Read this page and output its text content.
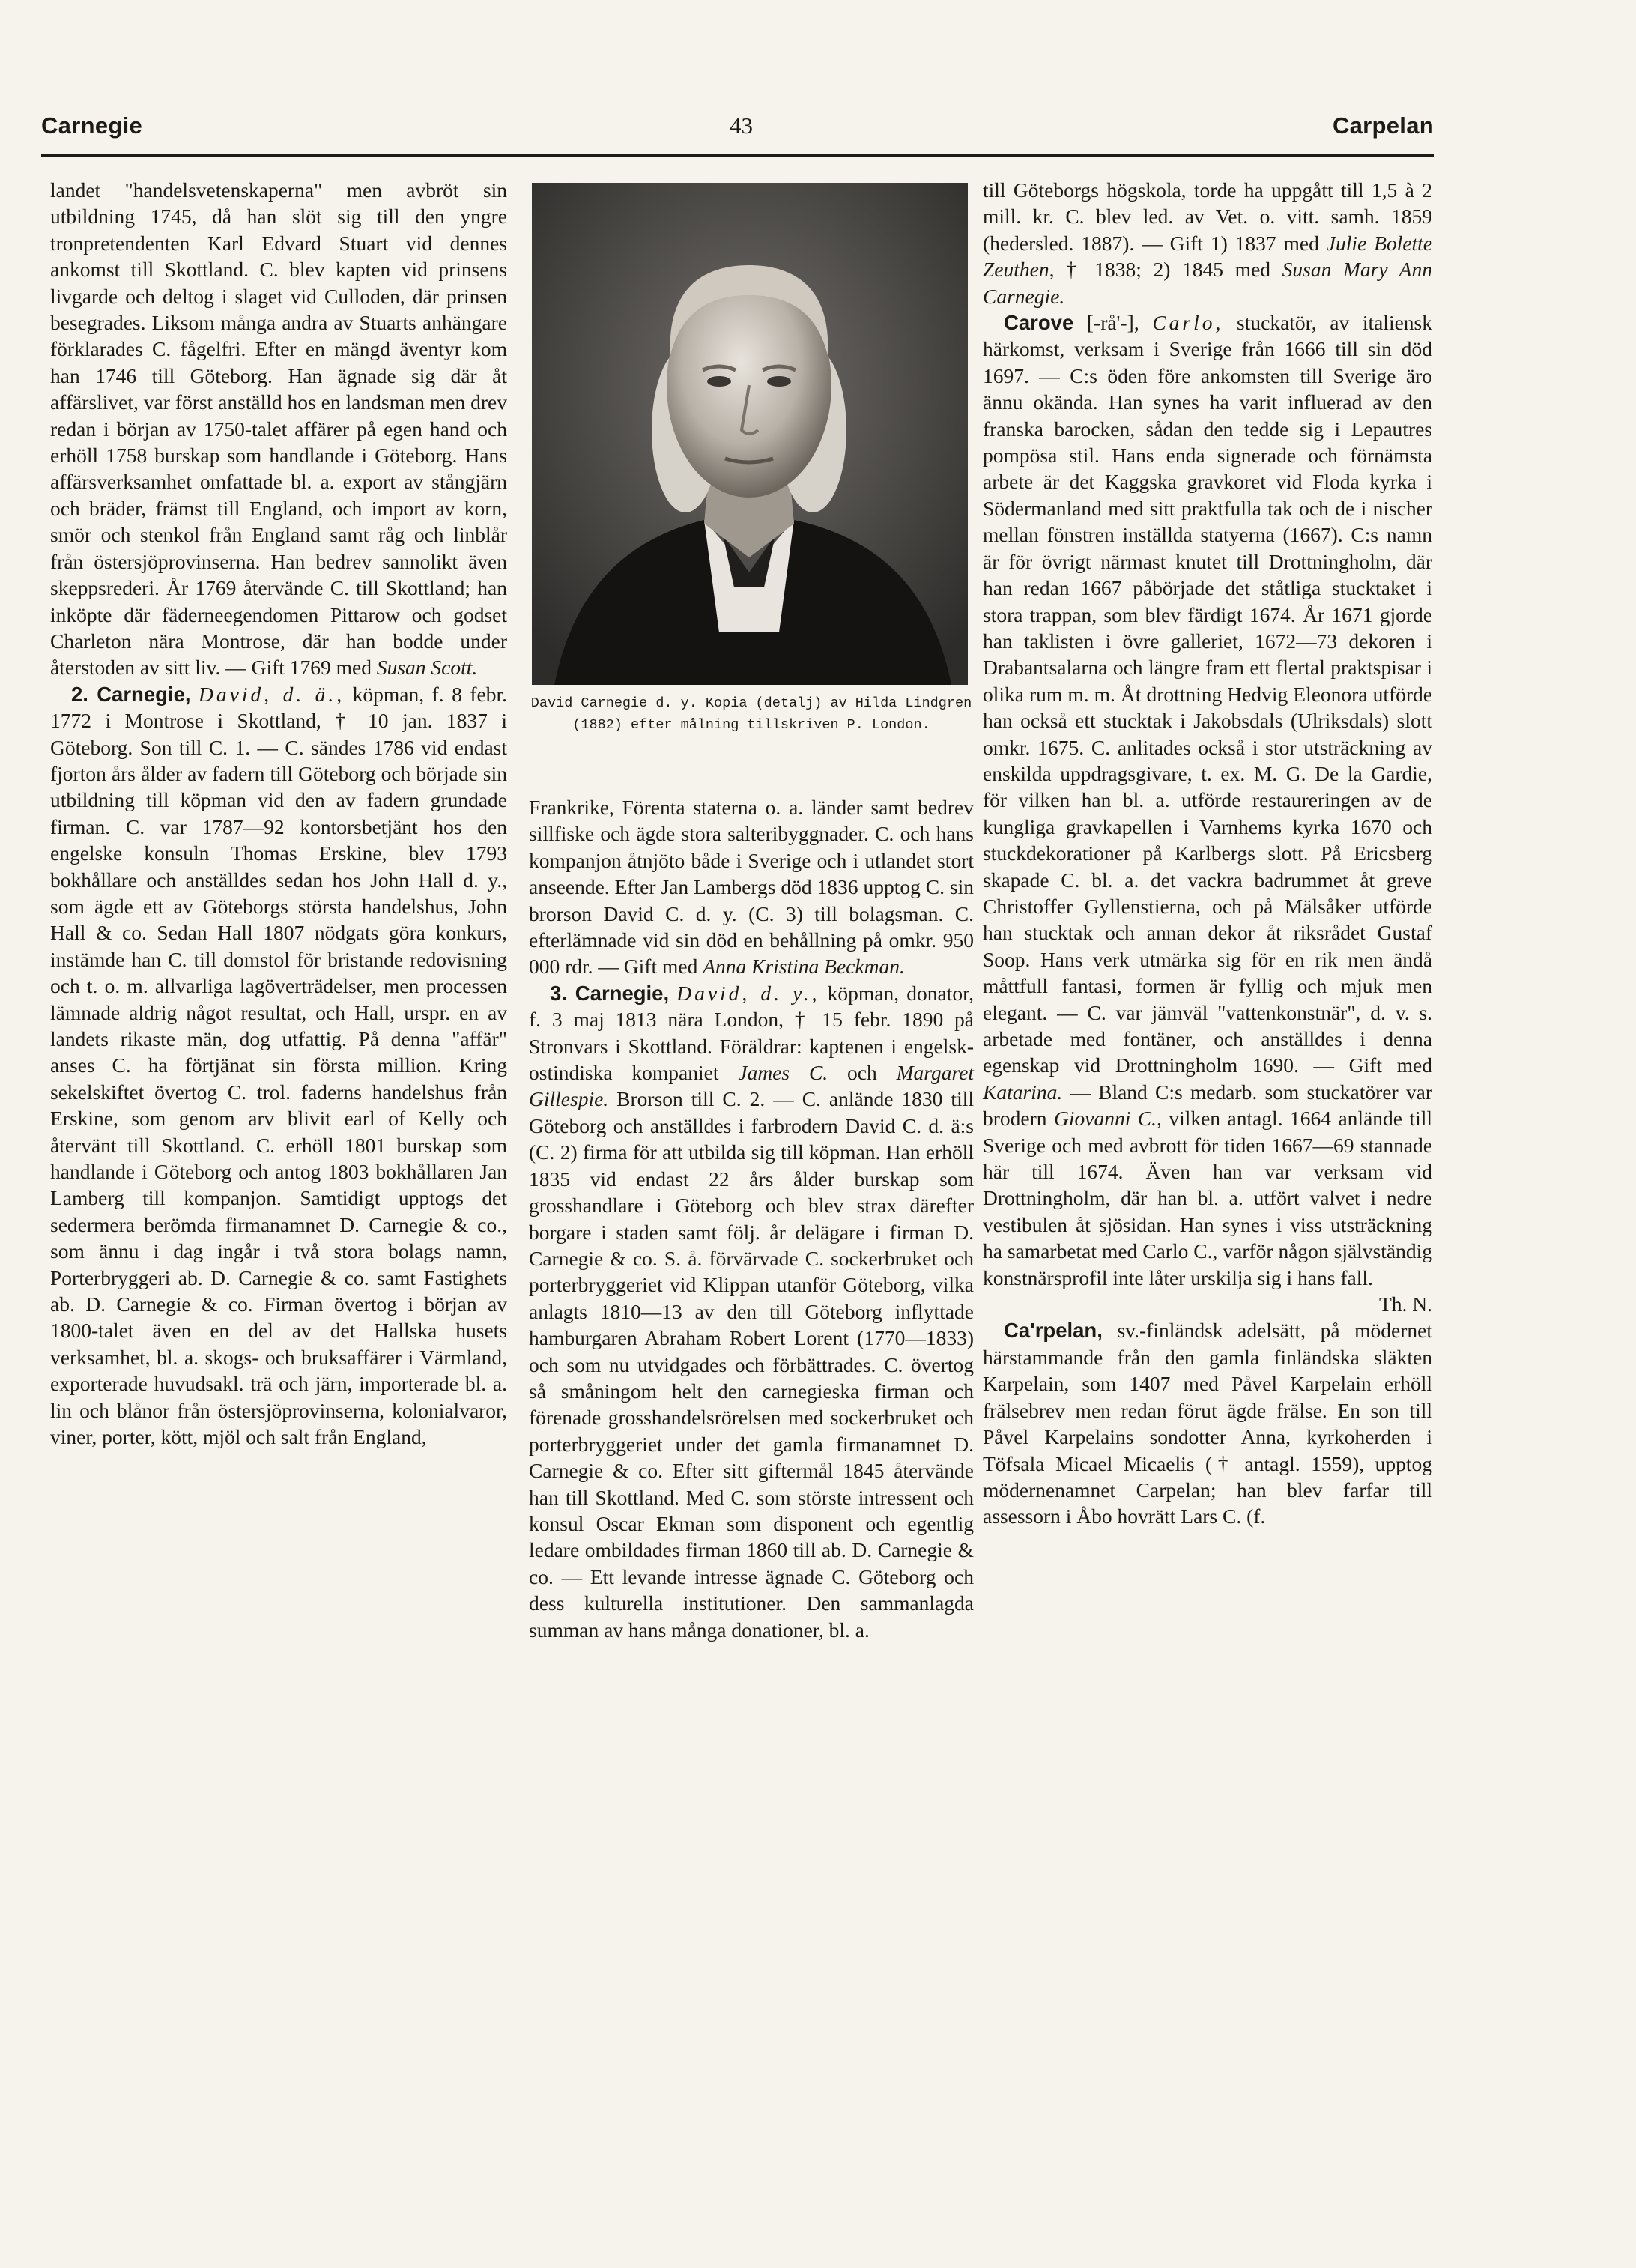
Carnegie	43	Carpelan

landet "handelsvetenskaperna" men avbröt sin utbildning 1745, då han slöt sig till den yngre tronpretendenten Karl Edvard Stuart vid dennes ankomst till Skottland. C. blev kapten vid prinsens livgarde och deltog i slaget vid Culloden, där prinsen besegrades. Liksom många andra av Stuarts anhängare förklarades C. fågelfri. Efter en mängd äventyr kom han 1746 till Göteborg. Han ägnade sig där åt affärslivet, var först anställd hos en landsman men drev redan i början av 1750-talet affärer på egen hand och erhöll 1758 burskap som handlande i Göteborg. Hans affärsverksamhet omfattade bl. a. export av stångjärn och bräder, främst till England, och import av korn, smör och stenkol från England samt råg och linblår från östersjöprovinserna. Han bedrev sannolikt även skeppsrederi. År 1769 återvände C. till Skottland; han inköpte där fäderneegendomen Pittarow och godset Charleton nära Montrose, där han bodde under återstoden av sitt liv. — Gift 1769 med Susan Scott.

2. Carnegie, David, d. ä., köpman, f. 8 febr. 1772 i Montrose i Skottland, † 10 jan. 1837 i Göteborg. Son till C. 1. — C. sändes 1786 vid endast fjorton års ålder av fadern till Göteborg och började sin utbildning till köpman vid den av fadern grundade firman. C. var 1787—92 kontorsbetjänt hos den engelske konsuln Thomas Erskine, blev 1793 bokhållare och anställdes sedan hos John Hall d. y., som ägde ett av Göteborgs största handelshus, John Hall & co. Sedan Hall 1807 nödgats göra konkurs, instämde han C. till domstol för bristande redovisning och t. o. m. allvarliga lagöverträdelser, men processen lämnade aldrig något resultat, och Hall, urspr. en av landets rikaste män, dog utfattig. På denna "affär" anses C. ha förtjänat sin första million. Kring sekelskiftet övertog C. trol. faderns handelshus från Erskine, som genom arv blivit earl of Kelly och återvänt till Skottland. C. erhöll 1801 burskap som handlande i Göteborg och antog 1803 bokhållaren Jan Lamberg till kompanjon. Samtidigt upptogs det sedermera berömda firmanamnet D. Carnegie & co., som ännu i dag ingår i två stora bolags namn, Porterbryggeri ab. D. Carnegie & co. samt Fastighets ab. D. Carnegie & co. Firman övertog i början av 1800-talet även en del av det Hallska husets verksamhet, bl. a. skogs- och bruksaffärer i Värmland, exporterade huvudsakl. trä och järn, importerade bl. a. lin och blånor från östersjöprovinserna, kolonialvaror, viner, porter, kött, mjöl och salt från England,

David Carnegie d. y. Kopia (detalj) av Hilda Lindgren (1882) efter målning tillskriven P. London.

Frankrike, Förenta staterna o. a. länder samt bedrev sillfiske och ägde stora salteribyggnader. C. och hans kompanjon åtnjöto både i Sverige och i utlandet stort anseende. Efter Jan Lambergs död 1836 upptog C. sin brorson David C. d. y. (C. 3) till bolagsman. C. efterlämnade vid sin död en behållning på omkr. 950 000 rdr. — Gift med Anna Kristina Beckman.

3. Carnegie, David, d. y., köpman, donator, f. 3 maj 1813 nära London, † 15 febr. 1890 på Stronvars i Skottland. Föräldrar: kaptenen i engelsk-ostindiska kompaniet James C. och Margaret Gillespie. Brorson till C. 2. — C. anlände 1830 till Göteborg och anställdes i farbrodern David C. d. ä:s (C. 2) firma för att utbilda sig till köpman. Han erhöll 1835 vid endast 22 års ålder burskap som grosshandlare i Göteborg och blev strax därefter borgare i staden samt följ. år delägare i firman D. Carnegie & co. S. å. förvärvade C. sockerbruket och porterbryggeriet vid Klippan utanför Göteborg, vilka anlagts 1810—13 av den till Göteborg inflyttade hamburgaren Abraham Robert Lorent (1770—1833) och som nu utvidgades och förbättrades. C. övertog så småningom helt den carnegieska firman och förenade grosshandelsrörelsen med sockerbruket och porterbryggeriet under det gamla firmanamnet D. Carnegie & co. Efter sitt giftermål 1845 återvände han till Skottland. Med C. som störste intressent och konsul Oscar Ekman som disponent och egentlig ledare ombildades firman 1860 till ab. D. Carnegie & co. — Ett levande intresse ägnade C. Göteborg och dess kulturella institutioner. Den sammanlagda summan av hans många donationer, bl. a.

till Göteborgs högskola, torde ha uppgått till 1,5 à 2 mill. kr. C. blev led. av Vet. o. vitt. samh. 1859 (hedersled. 1887). — Gift 1) 1837 med Julie Bolette Zeuthen, † 1838; 2) 1845 med Susan Mary Ann Carnegie.

Carove [-rå'-], Carlo, stuckatör, av italiensk härkomst, verksam i Sverige från 1666 till sin död 1697. — C:s öden före ankomsten till Sverige äro ännu okända. Han synes ha varit influerad av den franska barocken, sådan den tedde sig i Lepautres pompösa stil. Hans enda signerade och förnämsta arbete är det Kaggska gravkoret vid Floda kyrka i Södermanland med sitt praktfulla tak och de i nischer mellan fönstren inställda statyerna (1667). C:s namn är för övrigt närmast knutet till Drottningholm, där han redan 1667 påbörjade det ståtliga stucktaket i stora trappan, som blev färdigt 1674. År 1671 gjorde han taklisten i övre galleriet, 1672—73 dekoren i Drabantsalarna och längre fram ett flertal praktspisar i olika rum m. m. Åt drottning Hedvig Eleonora utförde han också ett stucktak i Jakobsdals (Ulriksdals) slott omkr. 1675. C. anlitades också i stor utsträckning av enskilda uppdragsgivare, t. ex. M. G. De la Gardie, för vilken han bl. a. utförde restaureringen av de kungliga gravkapellen i Varnhems kyrka 1670 och stuckdekorationer på Karlbergs slott. På Ericsberg skapade C. bl. a. det vackra badrummet åt greve Christoffer Gyllenstierna, och på Mälsåker utförde han stucktak och annan dekor åt riksrådet Gustaf Soop. Hans verk utmärka sig för en rik men ändå måttfull fantasi, formen är fyllig och mjuk men elegant. — C. var jämväl "vattenkonstnär", d. v. s. arbetade med fontäner, och anställdes i denna egenskap vid Drottningholm 1690. — Gift med Katarina. — Bland C:s medarb. som stuckatörer var brodern Giovanni C., vilken antagl. 1664 anlände till Sverige och med avbrott för tiden 1667—69 stannade här till 1674. Även han var verksam vid Drottningholm, där han bl. a. utfört valvet i nedre vestibulen åt sjösidan. Han synes i viss utsträckning ha samarbetat med Carlo C., varför någon självständig konstnärsprofil inte låter urskilja sig i hans fall.
Th. N.

Ca'rpelan, sv.-finländsk adelsätt, på mödernet härstammande från den gamla finländska släkten Karpelain, som 1407 med Påvel Karpelain erhöll frälsebrev men redan förut ägde frälse. En son till Påvel Karpelains sondotter Anna, kyrkoherden i Töfsala Micael Micaelis († antagl. 1559), upptog mödernenamnet Carpelan; han blev farfar till assessorn i Åbo hovrätt Lars C. (f.
